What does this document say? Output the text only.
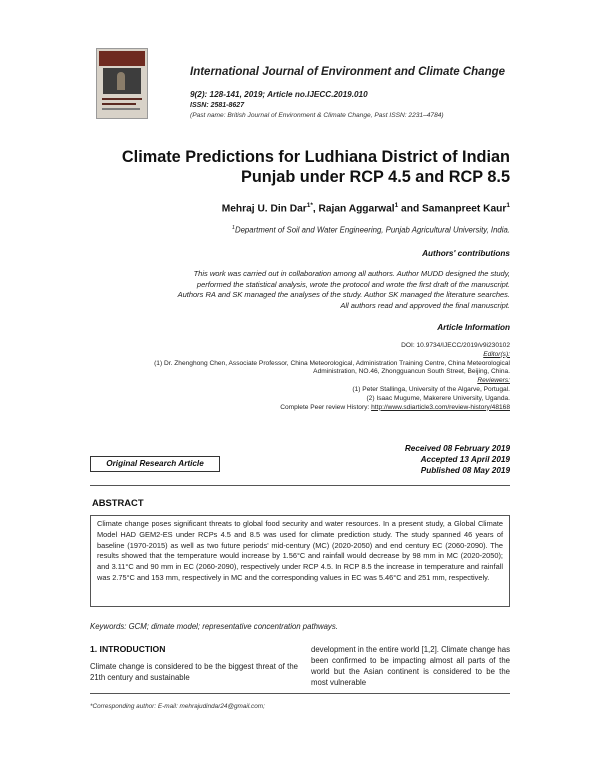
International Journal of Environment and Climate Change
9(2): 128-141, 2019; Article no.IJECC.2019.010
ISSN: 2581-8627
(Past name: British Journal of Environment & Climate Change, Past ISSN: 2231–4784)
Climate Predictions for Ludhiana District of Indian
Punjab under RCP 4.5 and RCP 8.5
Mehraj U. Din Dar$^{1*}$, Rajan Aggarwal$^1$ and Samanpreet Kaur$^1$
$^1$Department of Soil and Water Engineering, Punjab Agricultural University, India.
Authors' contributions
This work was carried out in collaboration among all authors. Author MUDD designed the study,
performed the statistical analysis, wrote the protocol and wrote the first draft of the manuscript.
Authors RA and SK managed the analyses of the study. Author SK managed the literature searches.
All authors read and approved the final manuscript.
Article Information
DOI: 10.9734/IJECC/2019/v9i230102
Editor(s):
(1) Dr. Zhenghong Chen, Associate Professor, China Meteorological, Administration Training Centre, China Meteorological
Administration, NO.46, Zhongguancun South Street, Beijing, China.
Reviewers:
(1) Peter Stallinga, University of the Algarve, Portugal.
(2) Isaac Mugume, Makerere University, Uganda.
Complete Peer review History: http://www.sdiarticle3.com/review-history/48168
Received 08 February 2019
Accepted 13 April 2019
Published 08 May 2019
Original Research Article
ABSTRACT
Climate change poses significant threats to global food security and water resources. In a present study, a Global Climate Model HAD GEM2-ES under RCPs 4.5 and 8.5 was used for climate prediction study. The study spanned 46 years of baseline (1970-2015) as well as two future periods' mid-century (MC) (2020-2050) and end century EC (2060-2090). The results showed that the temperature would increase by 1.56°C and rainfall would decrease by 98 mm in MC (2020-2050); and 3.11°C and 90 mm in EC (2060-2090), respectively under RCP 4.5. In RCP 8.5 the increase in temperature and rainfall was 2.75°C and 153 mm, respectively in MC and the corresponding values in EC was 5.46°C and 251 mm, respectively.
Keywords: GCM; dimate model; representative concentration pathways.
1. INTRODUCTION
Climate change is considered to be the biggest threat of the 21th century and sustainable
development in the entire world [1,2]. Climate change has been confirmed to be impacting almost all parts of the world but the Asian continent is considered to be the most vulnerable
*Corresponding author: E-mail: mehrajudindar24@gmail.com;
